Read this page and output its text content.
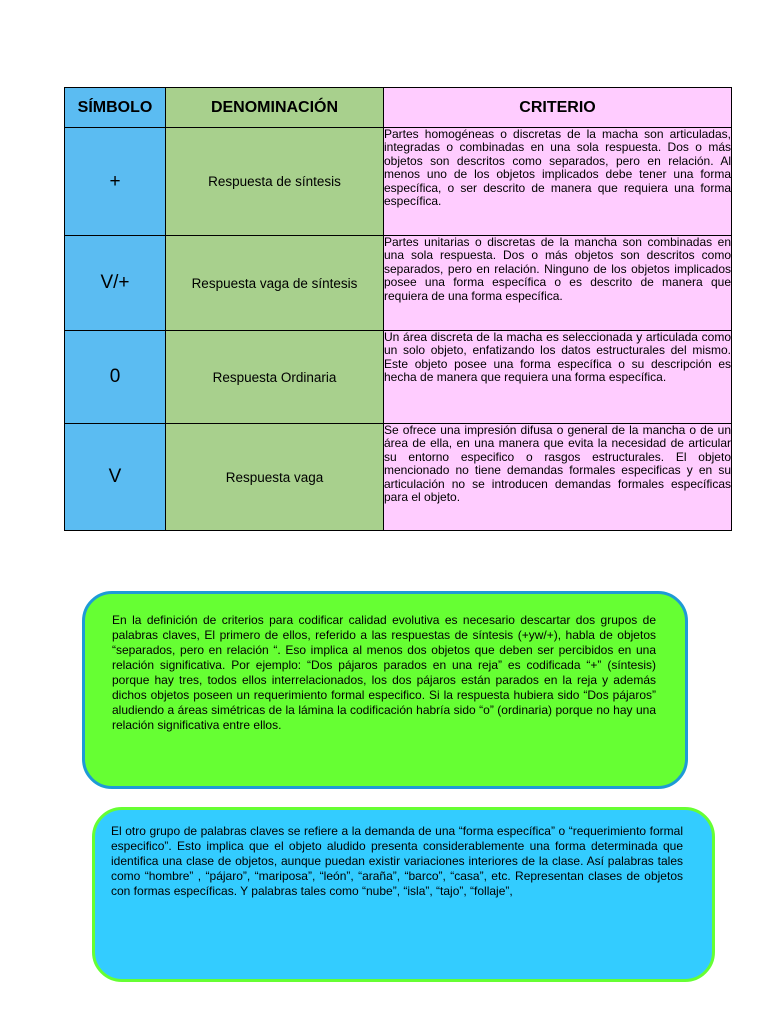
SÍMBOLO	DENOMINACIÓN	CRITERIO
+	Respuesta de síntesis	Partes homogéneas o discretas de la macha son articuladas, integradas o combinadas en una sola respuesta. Dos o más objetos son descritos como separados, pero en relación. Al menos uno de los objetos implicados debe tener una forma específica, o ser descrito de manera que requiera una forma específica.
V/+	Respuesta vaga de síntesis	Partes unitarias o discretas de la mancha son combinadas en una sola respuesta. Dos o más objetos son descritos como separados, pero en relación. Ninguno de los objetos implicados posee una forma específica o es descrito de manera que requiera de una forma específica.
0	Respuesta Ordinaria	Un área discreta de la macha es seleccionada y articulada como un solo objeto, enfatizando los datos estructurales del mismo. Este objeto posee una forma específica o su descripción es hecha de manera que requiera una forma específica.
V	Respuesta vaga	Se ofrece una impresión difusa o general de la mancha o de un área de ella, en una manera que evita la necesidad de articular su entorno especifico o rasgos estructurales. El objeto mencionado no tiene demandas formales especificas y en su articulación no se introducen demandas formales específicas para el objeto.
En la definición de criterios para codificar calidad evolutiva es necesario descartar dos grupos de palabras claves, El primero de ellos, referido a las respuestas de síntesis (+yw/+), habla de objetos “separados, pero en relación “. Eso implica al menos dos objetos que deben ser percibidos en una relación significativa. Por ejemplo: “Dos pájaros parados en una reja” es codificada “+” (síntesis) porque hay tres, todos ellos interrelacionados, los dos pájaros están parados en la reja y además dichos objetos poseen un requerimiento formal especifico. Si la respuesta hubiera sido “Dos pájaros” aludiendo a áreas simétricas de la lámina la codificación habría sido “o” (ordinaria) porque no hay una relación significativa entre ellos.
El otro grupo de palabras claves se refiere a la demanda de una “forma específica” o “requerimiento formal especifico”. Esto implica que el objeto aludido presenta considerablemente una forma determinada que identifica una clase de objetos, aunque puedan existir variaciones interiores de la clase. Así palabras tales como “hombre” , “pájaro”, “mariposa”, “león”, “araña”, “barco”, “casa”, etc. Representan clases de objetos con formas específicas. Y palabras tales como “nube”, “isla”, “tajo”, “follaje”,
